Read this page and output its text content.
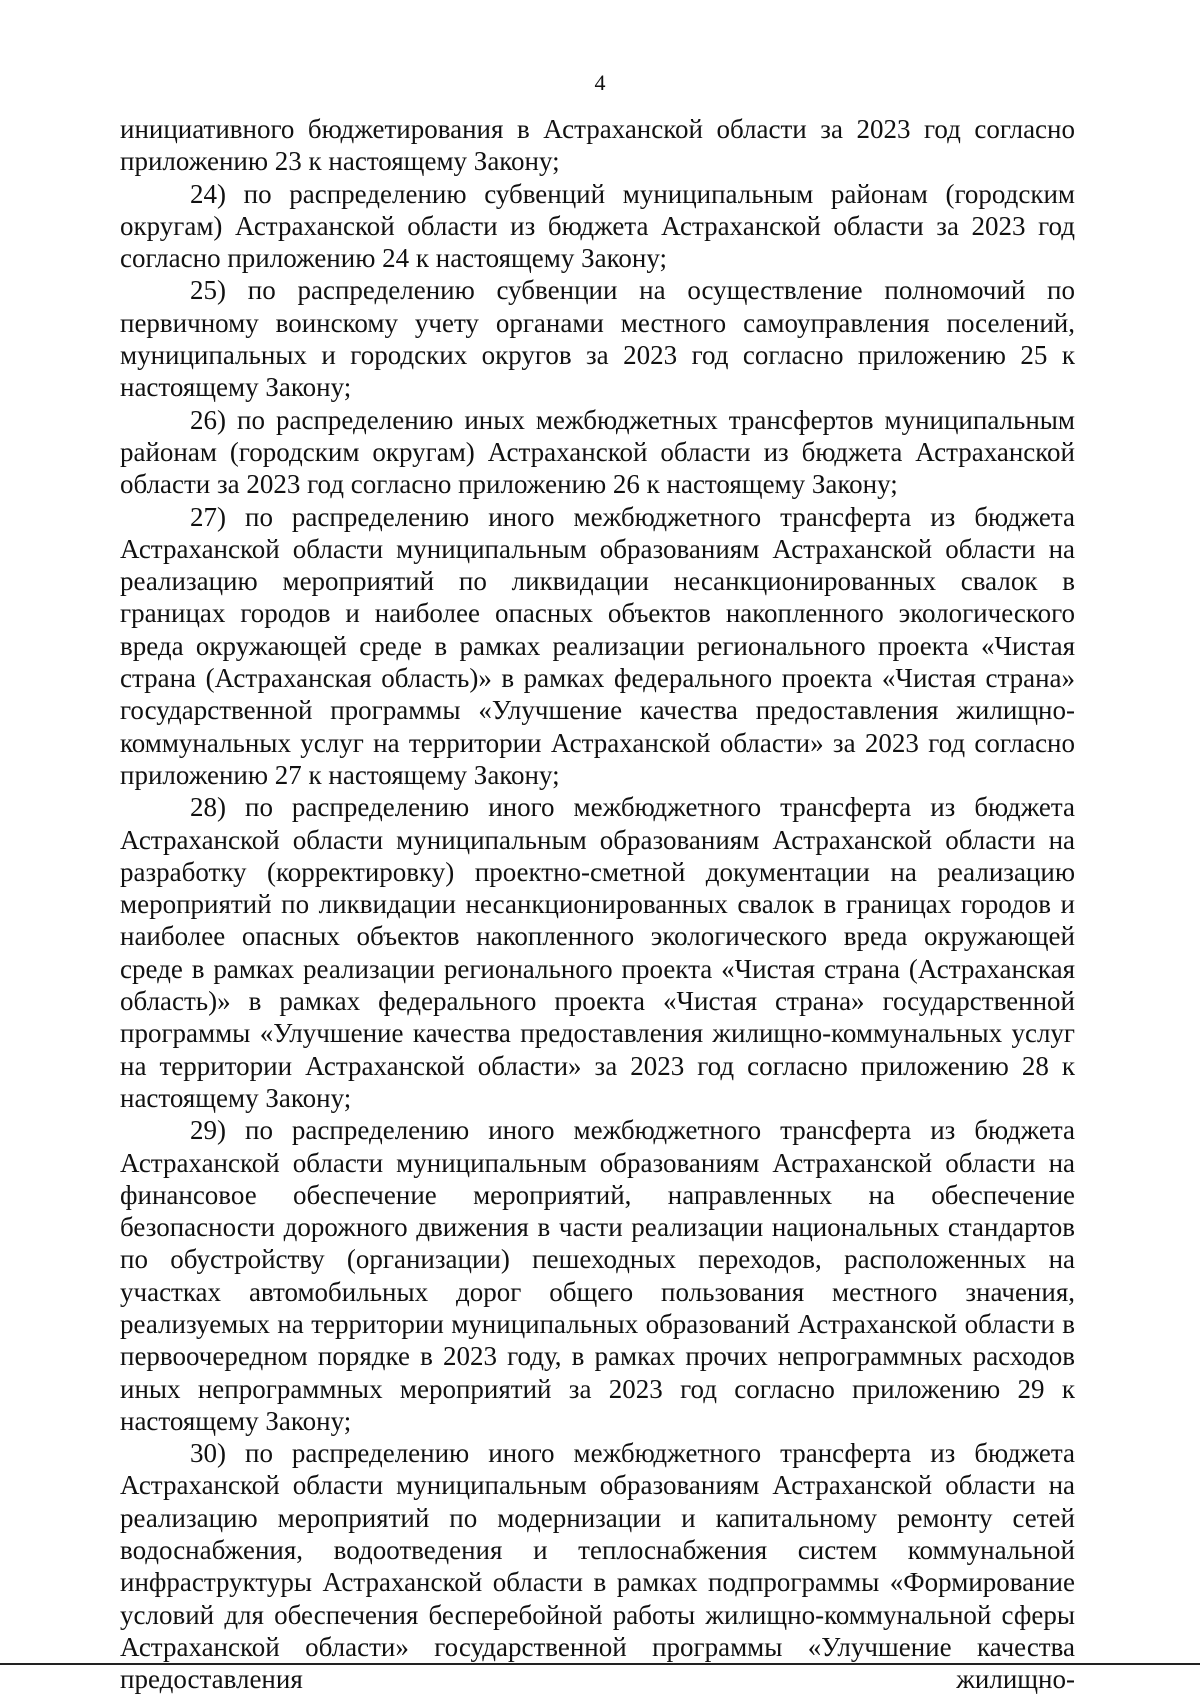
4

инициативного бюджетирования в Астраханской области за 2023 год согласно приложению 23 к настоящему Закону;

24) по распределению субвенций муниципальным районам (городским округам) Астраханской области из бюджета Астраханской области за 2023 год согласно приложению 24 к настоящему Закону;

25) по распределению субвенции на осуществление полномочий по первичному воинскому учету органами местного самоуправления поселений, муниципальных и городских округов за 2023 год согласно приложению 25 к настоящему Закону;

26) по распределению иных межбюджетных трансфертов муниципальным районам (городским округам) Астраханской области из бюджета Астраханской области за 2023 год согласно приложению 26 к настоящему Закону;

27) по распределению иного межбюджетного трансферта из бюджета Астраханской области муниципальным образованиям Астраханской области на реализацию мероприятий по ликвидации несанкционированных свалок в границах городов и наиболее опасных объектов накопленного экологического вреда окружающей среде в рамках реализации регионального проекта «Чистая страна (Астраханская область)» в рамках федерального проекта «Чистая страна» государственной программы «Улучшение качества предоставления жилищно-коммунальных услуг на территории Астраханской области» за 2023 год согласно приложению 27 к настоящему Закону;

28) по распределению иного межбюджетного трансферта из бюджета Астраханской области муниципальным образованиям Астраханской области на разработку (корректировку) проектно-сметной документации на реализацию мероприятий по ликвидации несанкционированных свалок в границах городов и наиболее опасных объектов накопленного экологического вреда окружающей среде в рамках реализации регионального проекта «Чистая страна (Астраханская область)» в рамках федерального проекта «Чистая страна» государственной программы «Улучшение качества предоставления жилищно-коммунальных услуг на территории Астраханской области» за 2023 год согласно приложению 28 к настоящему Закону;

29) по распределению иного межбюджетного трансферта из бюджета Астраханской области муниципальным образованиям Астраханской области на финансовое обеспечение мероприятий, направленных на обеспечение безопасности дорожного движения в части реализации национальных стандартов по обустройству (организации) пешеходных переходов, расположенных на участках автомобильных дорог общего пользования местного значения, реализуемых на территории муниципальных образований Астраханской области в первоочередном порядке в 2023 году, в рамках прочих непрограммных расходов иных непрограммных мероприятий за 2023 год согласно приложению 29 к настоящему Закону;

30) по распределению иного межбюджетного трансферта из бюджета Астраханской области муниципальным образованиям Астраханской области на реализацию мероприятий по модернизации и капитальному ремонту сетей водоснабжения, водоотведения и теплоснабжения систем коммунальной инфраструктуры Астраханской области в рамках подпрограммы «Формирование условий для обеспечения бесперебойной работы жилищно-коммунальной сферы Астраханской области» государственной программы «Улучшение качества предоставления жилищно-
